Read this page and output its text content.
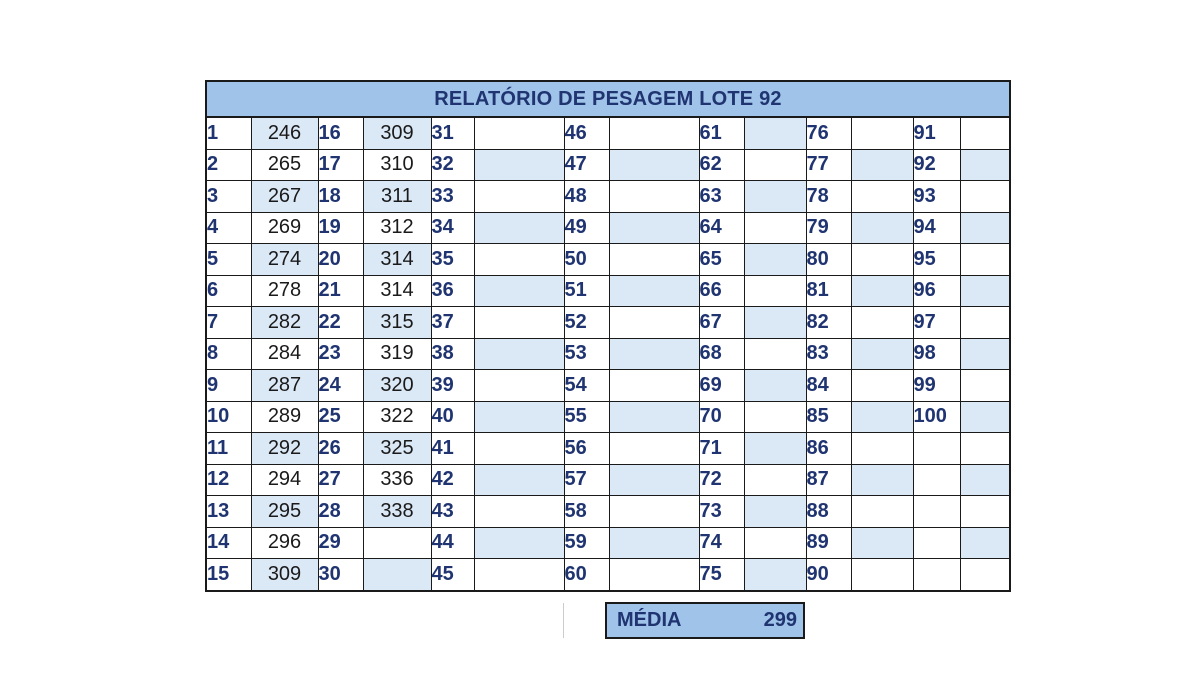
RELATÓRIO DE PESAGEM LOTE 92
1	246	16	309	31		46		61		76		91	
2	265	17	310	32		47		62		77		92	
3	267	18	311	33		48		63		78		93	
4	269	19	312	34		49		64		79		94	
5	274	20	314	35		50		65		80		95	
6	278	21	314	36		51		66		81		96	
7	282	22	315	37		52		67		82		97	
8	284	23	319	38		53		68		83		98	
9	287	24	320	39		54		69		84		99	
10	289	25	322	40		55		70		85		100	
11	292	26	325	41		56		71		86			
12	294	27	336	42		57		72		87			
13	295	28	338	43		58		73		88			
14	296	29		44		59		74		89			
15	309	30		45		60		75		90			
MÉDIA	299
